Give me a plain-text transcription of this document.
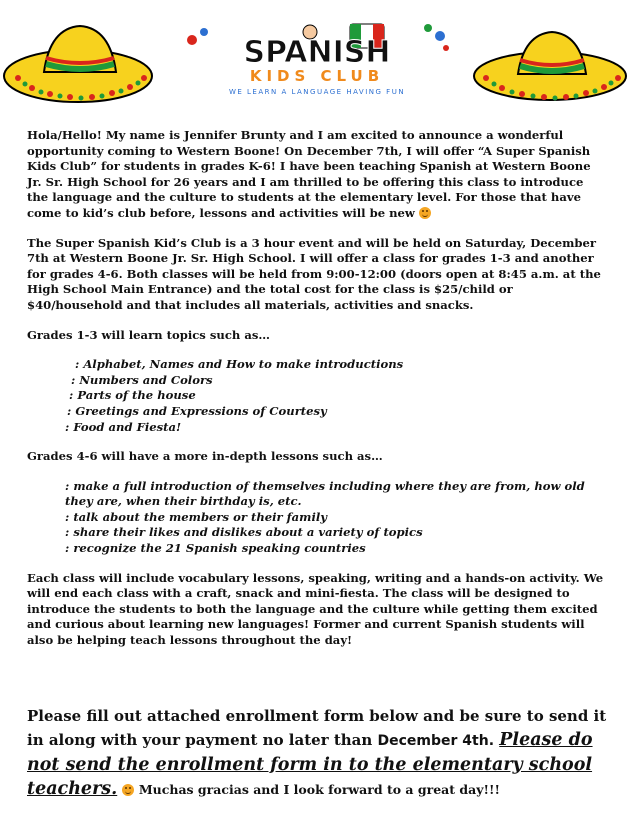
SPANISH
KIDS CLUB
WE LEARN A LANGUAGE HAVING FUN

Hola/Hello! My name is Jennifer Brunty and I am excited to announce a wonderful opportunity coming to Western Boone! On December 7th, I will offer “A Super Spanish Kids Club” for students in grades K-6! I have been teaching Spanish at Western Boone Jr. Sr. High School for 26 years and I am thrilled to be offering this class to introduce the language and the culture to students at the elementary level. For those that have come to kid’s club before, lessons and activities will be new

The Super Spanish Kid’s Club is a 3 hour event and will be held on Saturday, December 7th at Western Boone Jr. Sr. High School. I will offer a class for grades 1-3 and another for grades 4-6. Both classes will be held from 9:00-12:00 (doors open at 8:45 a.m. at the High School Main Entrance) and the total cost for the class is $25/child or $40/household and that includes all materials, activities and snacks.

Grades 1-3 will learn topics such as…

: Alphabet, Names and How to make introductions

: Numbers and Colors

: Parts of the house

: Greetings and Expressions of Courtesy

: Food and Fiesta!

Grades 4-6 will have a more in-depth lessons such as…

: make a full introduction of themselves including where they are from, how old they are, when their birthday is, etc.

: talk about the members or their family

: share their likes and dislikes about a variety of topics

: recognize the 21 Spanish speaking countries

Each class will include vocabulary lessons, speaking, writing and a hands-on activity. We will end each class with a craft, snack and mini-fiesta. The class will be designed to introduce the students to both the language and the culture while getting them excited and curious about learning new languages! Former and current Spanish students will also be helping teach lessons throughout the day!

Please fill out attached enrollment form below and be sure to send it in along with your payment no later than December 4th. Please do not send the enrollment form in to the elementary school teachers.  Muchas gracias and I look forward to a great day!!!
